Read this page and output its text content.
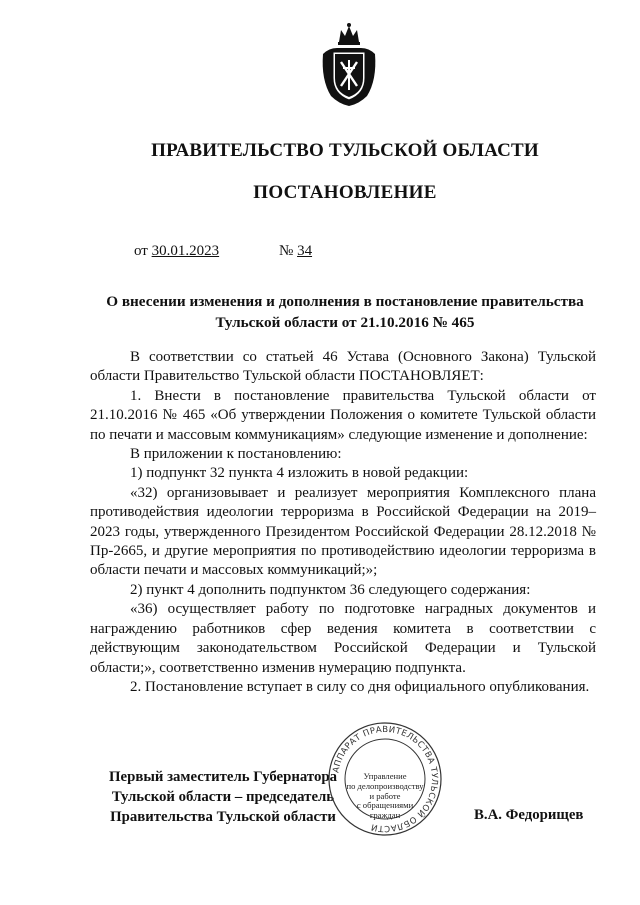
ПРАВИТЕЛЬСТВО ТУЛЬСКОЙ ОБЛАСТИ
ПОСТАНОВЛЕНИЕ
от 30.01.2023	№ 34
О внесении изменения и дополнения в постановление правительства
Тульской области от 21.10.2016 № 465

В соответствии со статьей 46 Устава (Основного Закона) Тульской области Правительство Тульской области ПОСТАНОВЛЯЕТ:

1. Внести в постановление правительства Тульской области от 21.10.2016 № 465 «Об утверждении Положения о комитете Тульской области по печати и массовым коммуникациям» следующие изменение и дополнение:

В приложении к постановлению:

1) подпункт 32 пункта 4 изложить в новой редакции:

«32) организовывает и реализует мероприятия Комплексного плана противодействия идеологии терроризма в Российской Федерации на 2019–2023 годы, утвержденного Президентом Российской Федерации 28.12.2018 № Пр-2665, и другие мероприятия по противодействию идеологии терроризма в области печати и массовых коммуникаций;»;

2) пункт 4 дополнить подпунктом 36 следующего содержания:

«36) осуществляет работу по подготовке наградных документов и награждению работников сфер ведения комитета в соответствии с действующим законодательством Российской Федерации и Тульской области;», соответственно изменив нумерацию подпункта.

2. Постановление вступает в силу со дня официального опубликования.

Первый заместитель Губернатора
Тульской области – председатель
Правительства Тульской области
АППАРАТ ПРАВИТЕЛЬСТВА ТУЛЬСКОЙ ОБЛАСТИ
Управление
по делопроизводству
и работе
с обращениями
граждан	В.А. Федорищев
